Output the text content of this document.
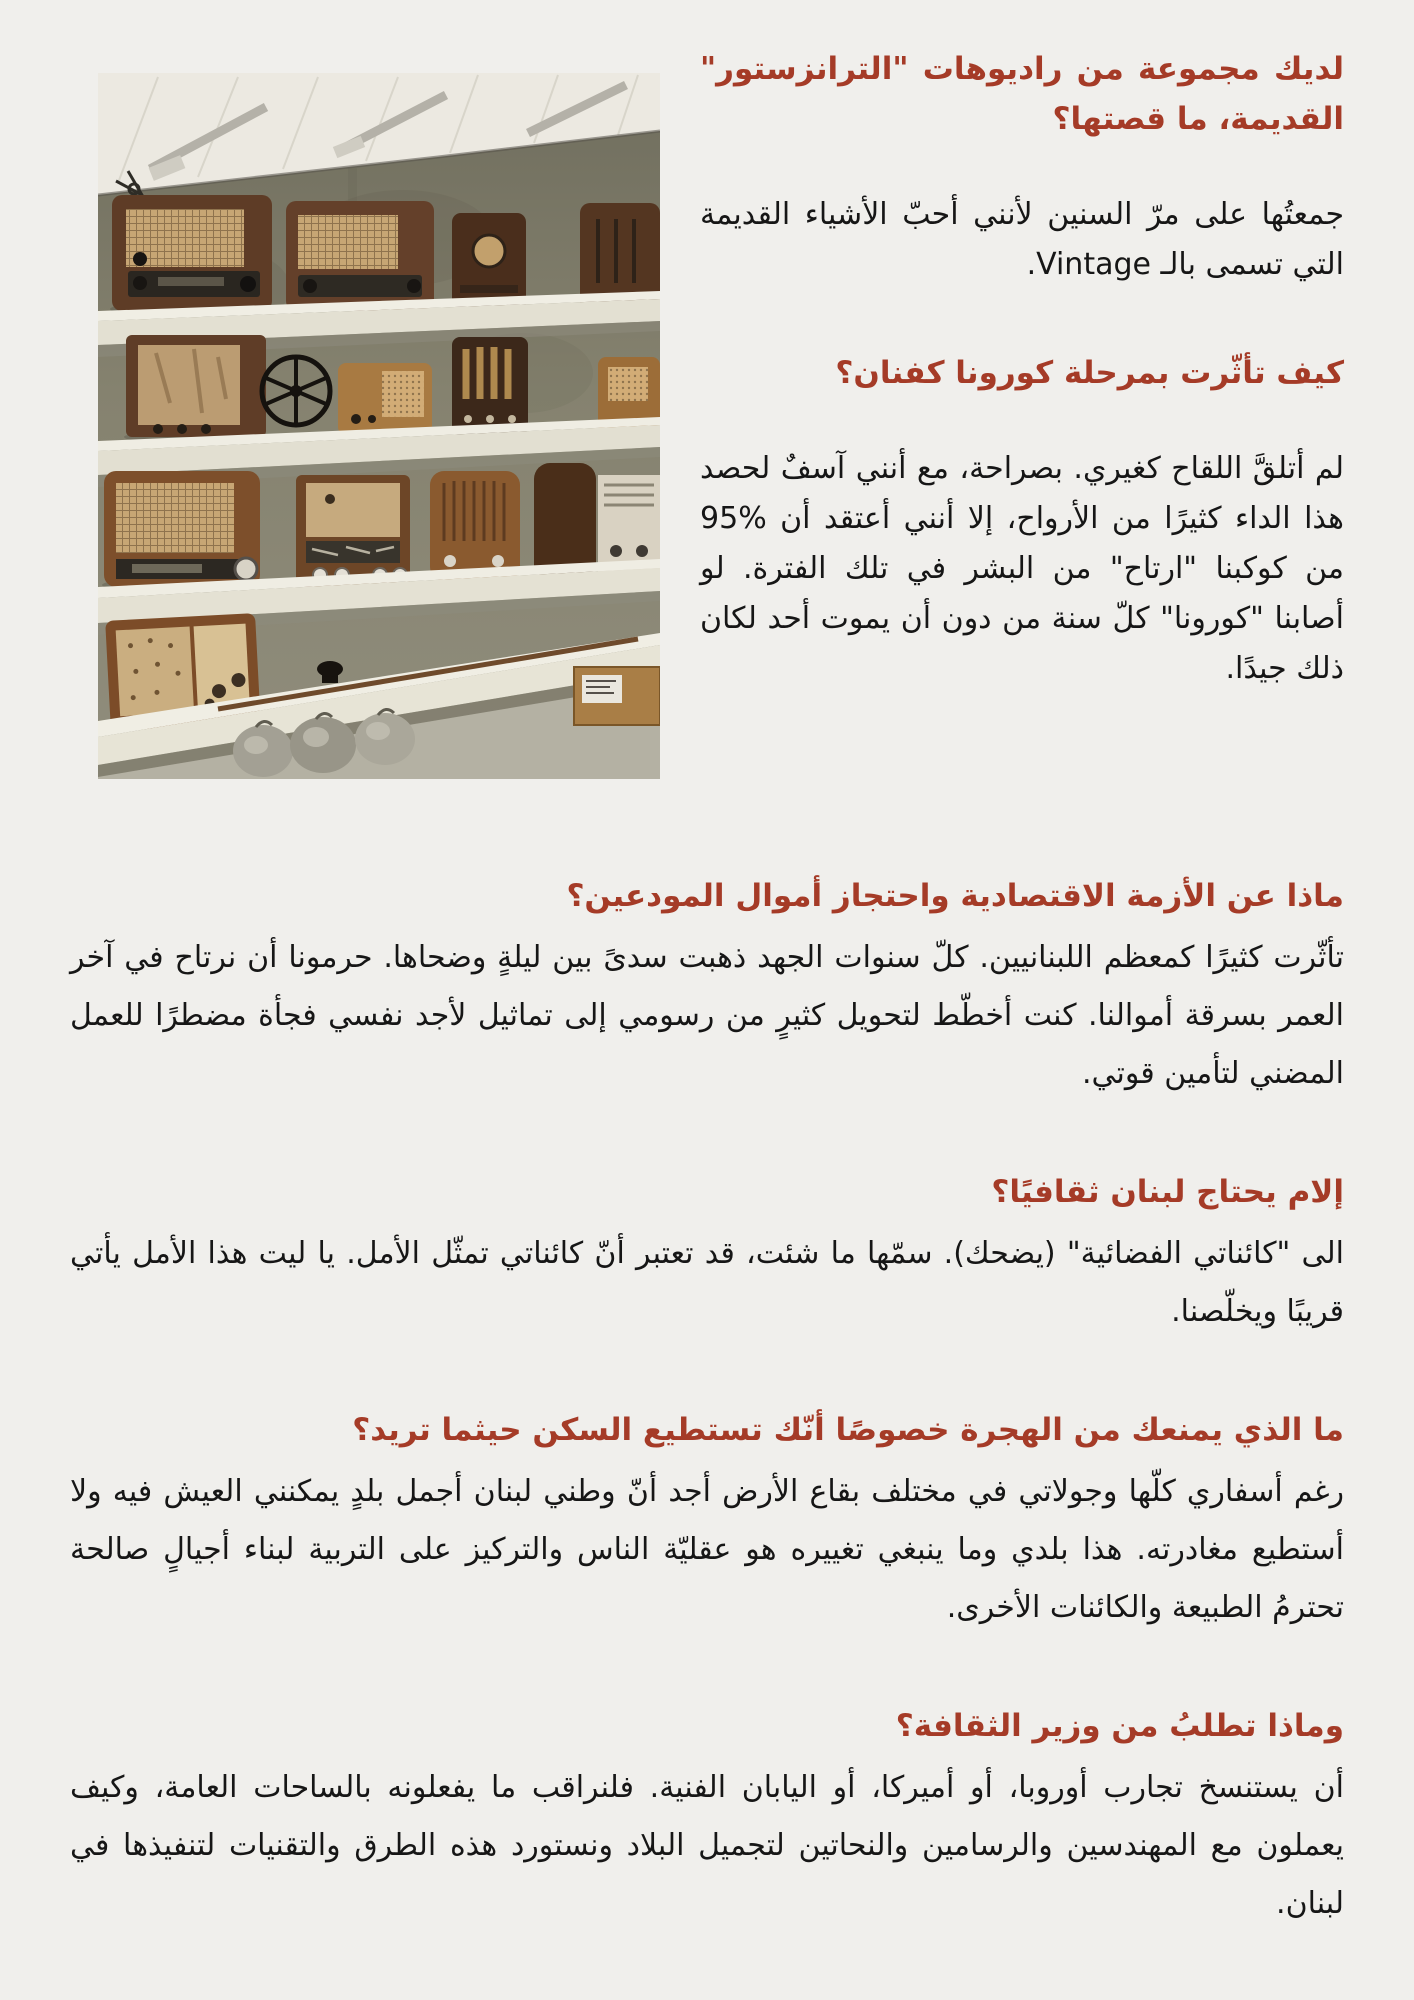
لديك مجموعة من راديوهات "الترانزستور" القديمة، ما قصتها؟

جمعتُها على مرّ السنين لأنني أحبّ الأشياء القديمة التي تسمى بالـ Vintage.

كيف تأثّرت بمرحلة كورونا كفنان؟

لم أتلقَّ اللقاح كغيري. بصراحة، مع أنني آسفٌ لحصد هذا الداء كثيرًا من الأرواح، إلا أنني أعتقد أن %95 من كوكبنا "ارتاح" من البشر في تلك الفترة. لو أصابنا "كورونا" كلّ سنة من دون أن يموت أحد لكان ذلك جيدًا.

ماذا عن الأزمة الاقتصادية واحتجاز أموال المودعين؟

تأثّرت كثيرًا كمعظم اللبنانيين. كلّ سنوات الجهد ذهبت سدىً بين ليلةٍ وضحاها. حرمونا أن نرتاح في آخر العمر بسرقة أموالنا. كنت أخطّط لتحويل كثيرٍ من رسومي إلى تماثيل لأجد نفسي فجأة مضطرًا للعمل المضني لتأمين قوتي.

إلام يحتاج لبنان ثقافيًا؟

الى "كائناتي الفضائية" (يضحك). سمّها ما شئت، قد تعتبر أنّ كائناتي تمثّل الأمل. يا ليت هذا الأمل يأتي قريبًا ويخلّصنا.

ما الذي يمنعك من الهجرة خصوصًا أنّك تستطيع السكن حيثما تريد؟

رغم أسفاري كلّها وجولاتي في مختلف بقاع الأرض أجد أنّ وطني لبنان أجمل بلدٍ يمكنني العيش فيه ولا أستطيع مغادرته. هذا بلدي وما ينبغي تغييره هو عقليّة الناس والتركيز على التربية لبناء أجيالٍ صالحة تحترمُ الطبيعة والكائنات الأخرى.

وماذا تطلبُ من وزير الثقافة؟

أن يستنسخ تجارب أوروبا، أو أميركا، أو اليابان الفنية. فلنراقب ما يفعلونه بالساحات العامة، وكيف يعملون مع المهندسين والرسامين والنحاتين لتجميل البلاد ونستورد هذه الطرق والتقنيات لتنفيذها في لبنان.
